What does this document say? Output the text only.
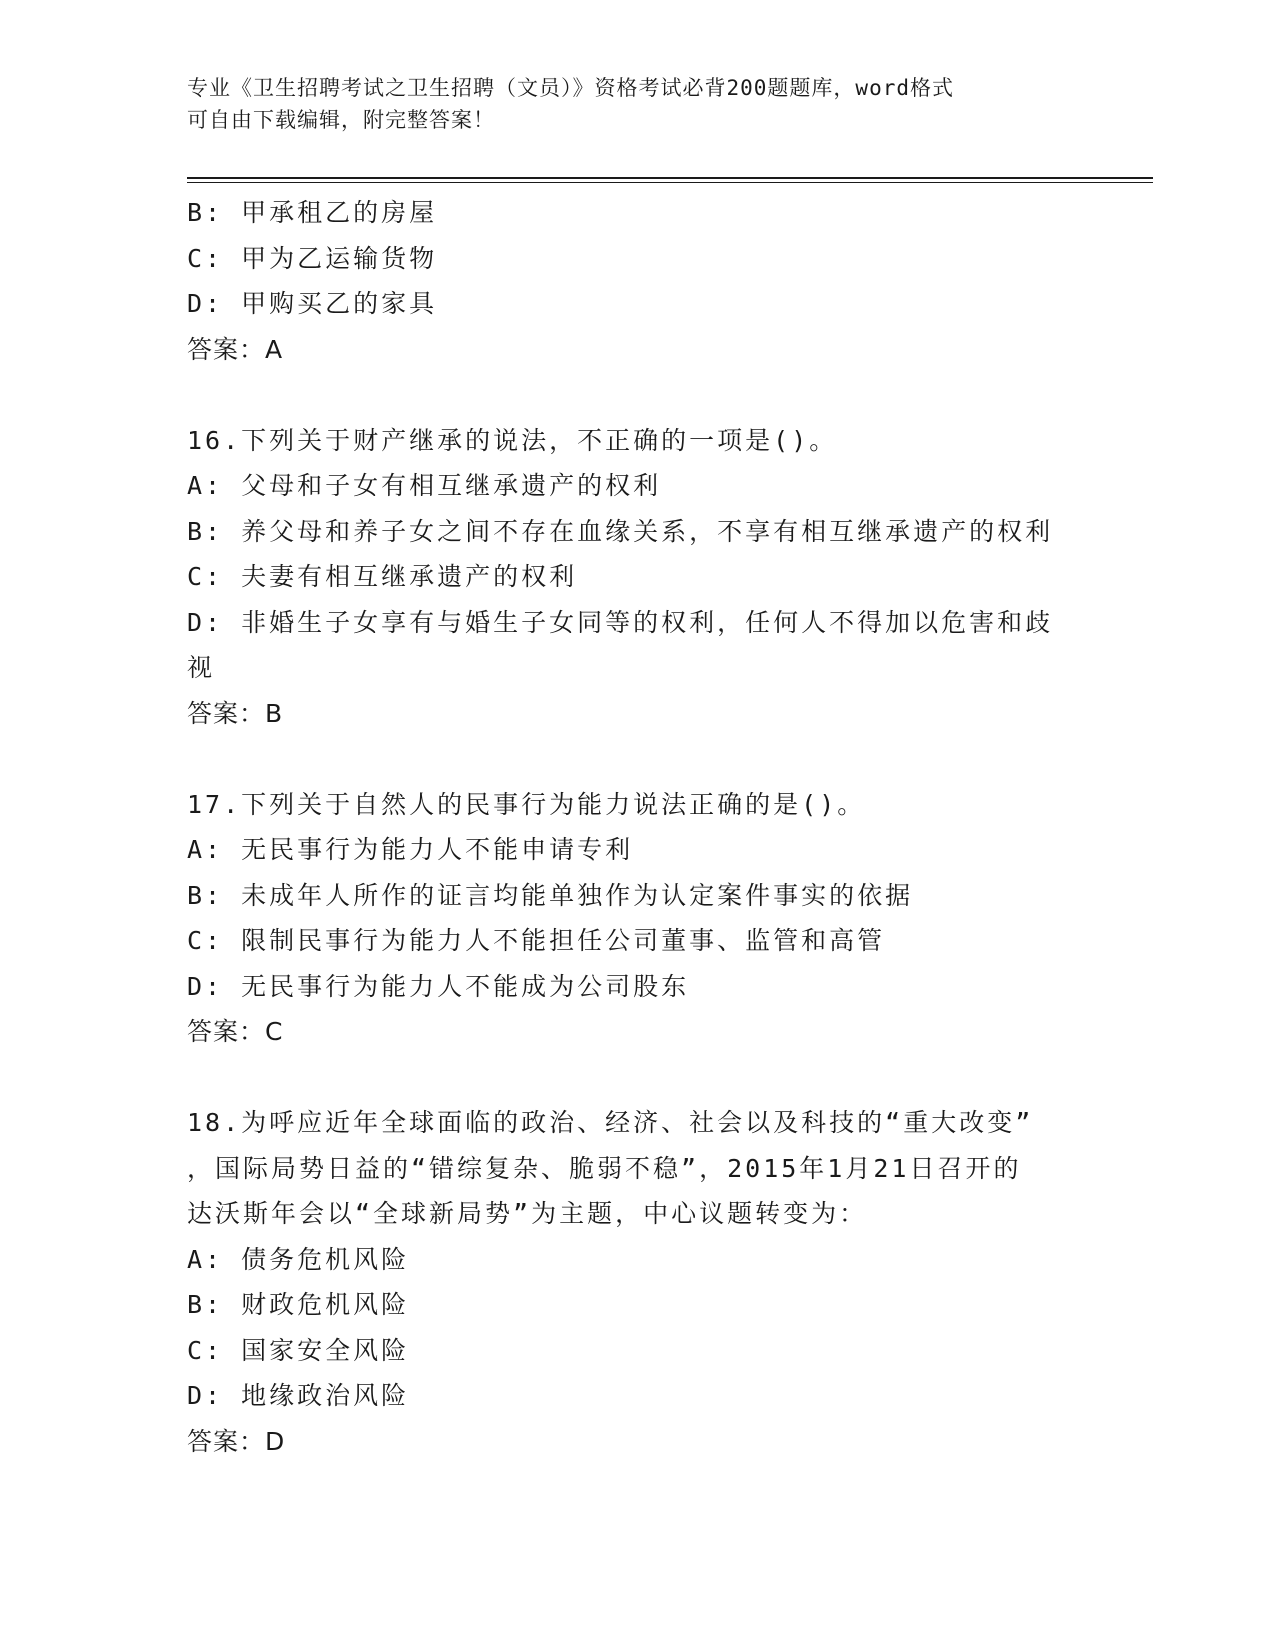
专业《卫生招聘考试之卫生招聘（文员）》资格考试必背200题题库，word格式
可自由下载编辑，附完整答案！
B: 甲承租乙的房屋
C: 甲为乙运输货物
D: 甲购买乙的家具
答案：A
16.下列关于财产继承的说法，不正确的一项是()。
A: 父母和子女有相互继承遗产的权利
B: 养父母和养子女之间不存在血缘关系，不享有相互继承遗产的权利
C: 夫妻有相互继承遗产的权利
D: 非婚生子女享有与婚生子女同等的权利，任何人不得加以危害和歧
视
答案：B
17.下列关于自然人的民事行为能力说法正确的是()。
A: 无民事行为能力人不能申请专利
B: 未成年人所作的证言均能单独作为认定案件事实的依据
C: 限制民事行为能力人不能担任公司董事、监管和高管
D: 无民事行为能力人不能成为公司股东
答案：C
18.为呼应近年全球面临的政治、经济、社会以及科技的“重大改变”
，国际局势日益的“错综复杂、脆弱不稳”，2015年1月21日召开的
达沃斯年会以“全球新局势”为主题，中心议题转变为：
A: 债务危机风险
B: 财政危机风险
C: 国家安全风险
D: 地缘政治风险
答案：D
